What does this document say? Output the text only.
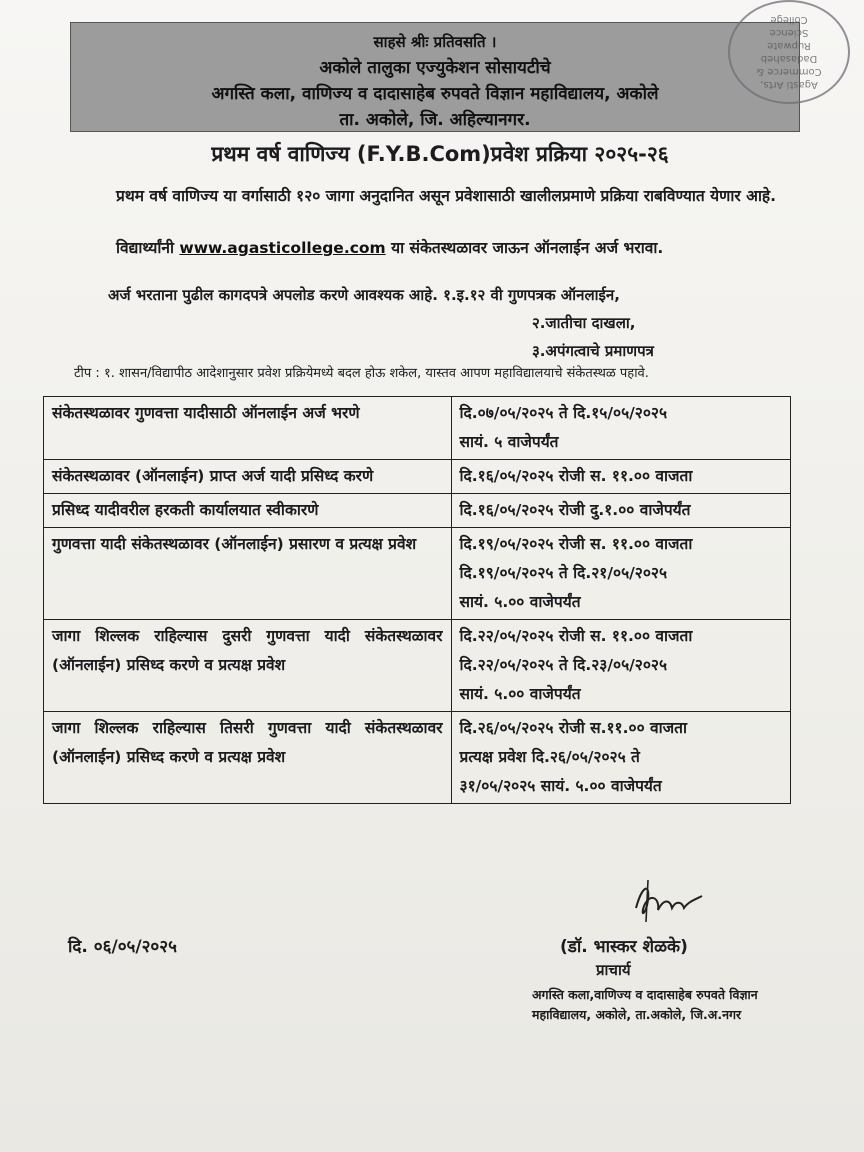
साहसे श्रीः प्रतिवसति ।
अकोले तालुका एज्युकेशन सोसायटीचे
अगस्ति कला, वाणिज्य व दादासाहेब रुपवते विज्ञान महाविद्यालय, अकोले
ता. अकोले, जि. अहिल्यानगर.
Agasti Arts, Commerce & Dadasaheb Rupwate Science College
प्रथम वर्ष वाणिज्य (F.Y.B.Com)प्रवेश प्रक्रिया २०२५-२६
प्रथम वर्ष वाणिज्य या वर्गासाठी १२० जागा अनुदानित असून प्रवेशासाठी खालीलप्रमाणे प्रक्रिया राबविण्यात येणार आहे.
विद्यार्थ्यांनी www.agasticollege.com या संकेतस्थळावर जाऊन ऑनलाईन अर्ज भरावा.
अर्ज भरताना पुढील कागदपत्रे अपलोड करणे आवश्यक आहे. १.इ.१२ वी गुणपत्रक ऑनलाईन,
२.जातीचा दाखला,
३.अपंगत्वाचे प्रमाणपत्र
टीप : १. शासन/विद्यापीठ आदेशानुसार प्रवेश प्रक्रियेमध्ये बदल होऊ शकेल, यास्तव आपण महाविद्यालयाचे संकेतस्थळ पहावे.
संकेतस्थळावर गुणवत्ता यादीसाठी ऑनलाईन अर्ज भरणे	दि.०७/०५/२०२५ ते दि.१५/०५/२०२५
सायं. ५ वाजेपर्यंत

संकेतस्थळावर (ऑनलाईन) प्राप्त अर्ज यादी प्रसिध्द करणे	दि.१६/०५/२०२५ रोजी स. ११.०० वाजता

प्रसिध्द यादीवरील हरकती कार्यालयात स्वीकारणे	दि.१६/०५/२०२५ रोजी दु.१.०० वाजेपर्यंत

गुणवत्ता यादी संकेतस्थळावर (ऑनलाईन) प्रसारण व प्रत्यक्ष प्रवेश	दि.१९/०५/२०२५ रोजी स. ११.०० वाजता
दि.१९/०५/२०२५ ते दि.२१/०५/२०२५
सायं. ५.०० वाजेपर्यंत

जागा शिल्लक राहिल्यास दुसरी गुणवत्ता यादी संकेतस्थळावर (ऑनलाईन) प्रसिध्द करणे व प्रत्यक्ष प्रवेश	दि.२२/०५/२०२५ रोजी स. ११.०० वाजता
दि.२२/०५/२०२५ ते दि.२३/०५/२०२५
सायं. ५.०० वाजेपर्यंत

जागा शिल्लक राहिल्यास तिसरी गुणवत्ता यादी संकेतस्थळावर (ऑनलाईन) प्रसिध्द करणे व प्रत्यक्ष प्रवेश	दि.२६/०५/२०२५ रोजी स.११.०० वाजता
प्रत्यक्ष प्रवेश दि.२६/०५/२०२५ ते
३१/०५/२०२५ सायं. ५.०० वाजेपर्यंत
दि. ०६/०५/२०२५	(डॉ. भास्कर शेळके)
प्राचार्य
अगस्ति कला,वाणिज्य व दादासाहेब रुपवते विज्ञान महाविद्यालय, अकोले, ता.अकोले, जि.अ.नगर
